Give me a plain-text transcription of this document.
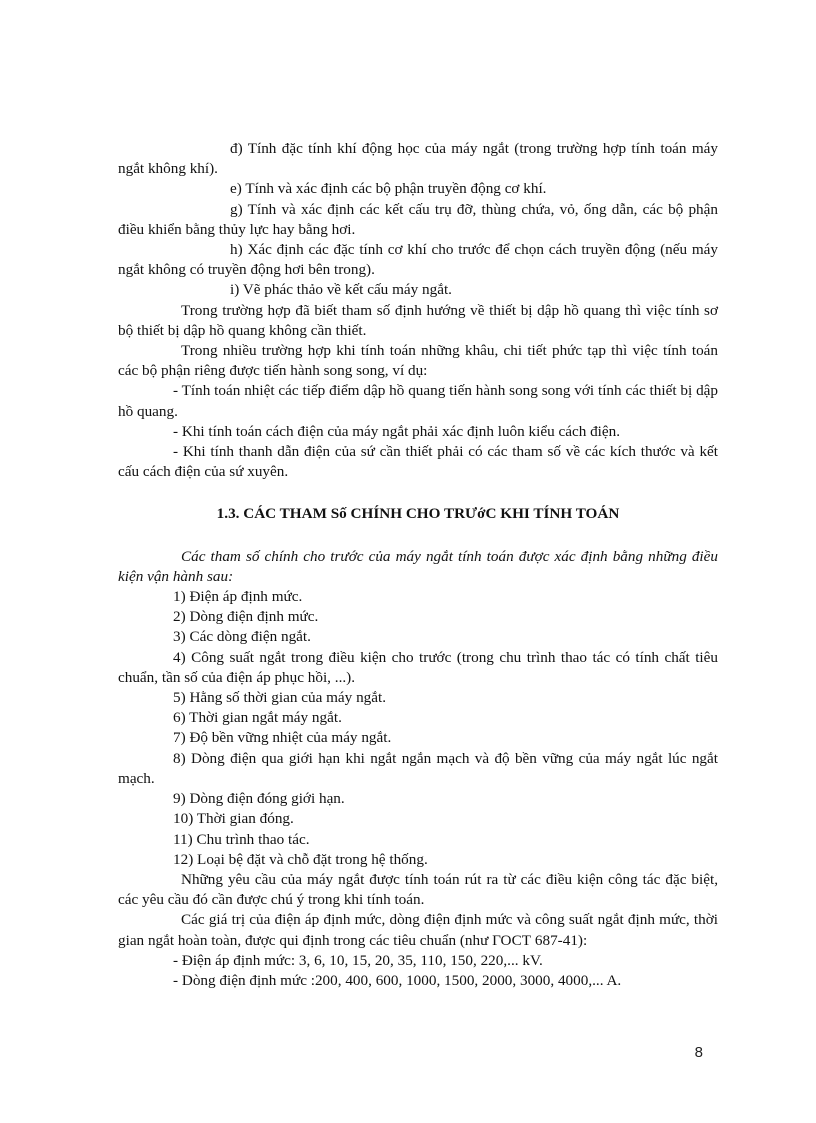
đ) Tính đặc tính khí động học của máy ngắt (trong trường hợp tính toán máy ngắt không khí).

e) Tính và xác định các bộ phận truyền động cơ khí.

g) Tính và xác định các kết cấu trụ đỡ, thùng chứa, vỏ, ống dẫn, các bộ phận điều khiển bằng thủy lực hay bằng hơi.

h) Xác định các đặc tính cơ khí cho trước để chọn cách truyền động (nếu máy ngắt không có truyền động hơi bên trong).

i) Vẽ phác thảo về kết cấu máy ngắt.

Trong trường hợp đã biết tham số định hướng về thiết bị dập hồ quang thì việc tính sơ bộ thiết bị dập hồ quang không cần thiết.

Trong nhiều trường hợp khi tính toán những khâu, chi tiết phức tạp thì việc tính toán các bộ phận riêng được tiến hành song song, ví dụ:

- Tính toán nhiệt các tiếp điểm dập hồ quang tiến hành song song với tính các thiết bị dập hồ quang.

- Khi tính toán cách điện của máy ngắt phải xác định luôn kiểu cách điện.

- Khi tính thanh dẫn điện của sứ cần thiết phải có các tham số về các kích thước và kết cấu cách điện của sứ xuyên.

1.3. CÁC THAM Số CHÍNH CHO TRƯớC KHI TÍNH TOÁN

Các tham số chính cho trước của máy ngắt tính toán được xác định bằng những điều kiện vận hành sau:

1) Điện áp định mức.

2) Dòng điện định mức.

3) Các dòng điện ngắt.

4) Công suất ngắt trong điều kiện cho trước (trong chu trình thao tác có tính chất tiêu chuẩn, tần số của điện áp phục hồi, ...).

5) Hằng số thời gian của máy ngắt.

6) Thời gian ngắt máy ngắt.

7) Độ bền vững nhiệt của máy ngắt.

8) Dòng điện qua giới hạn khi ngắt ngắn mạch và độ bền vững của máy ngắt lúc ngắt mạch.

9) Dòng điện đóng giới hạn.

10) Thời gian đóng.

11) Chu trình thao tác.

12) Loại bệ đặt và chỗ đặt trong hệ thống.

Những yêu cầu của máy ngắt được tính toán rút ra từ các điều kiện công tác đặc biệt, các yêu cầu đó cần được chú ý trong khi tính toán.

Các giá trị của điện áp định mức, dòng điện định mức và công suất ngắt định mức, thời gian ngắt hoàn toàn, được qui định trong các tiêu chuẩn (như ГОСТ 687-41):

- Điện áp định mức: 3, 6, 10, 15, 20, 35, 110, 150, 220,... kV.

- Dòng điện định mức :200, 400, 600, 1000, 1500, 2000, 3000, 4000,... A.

8
